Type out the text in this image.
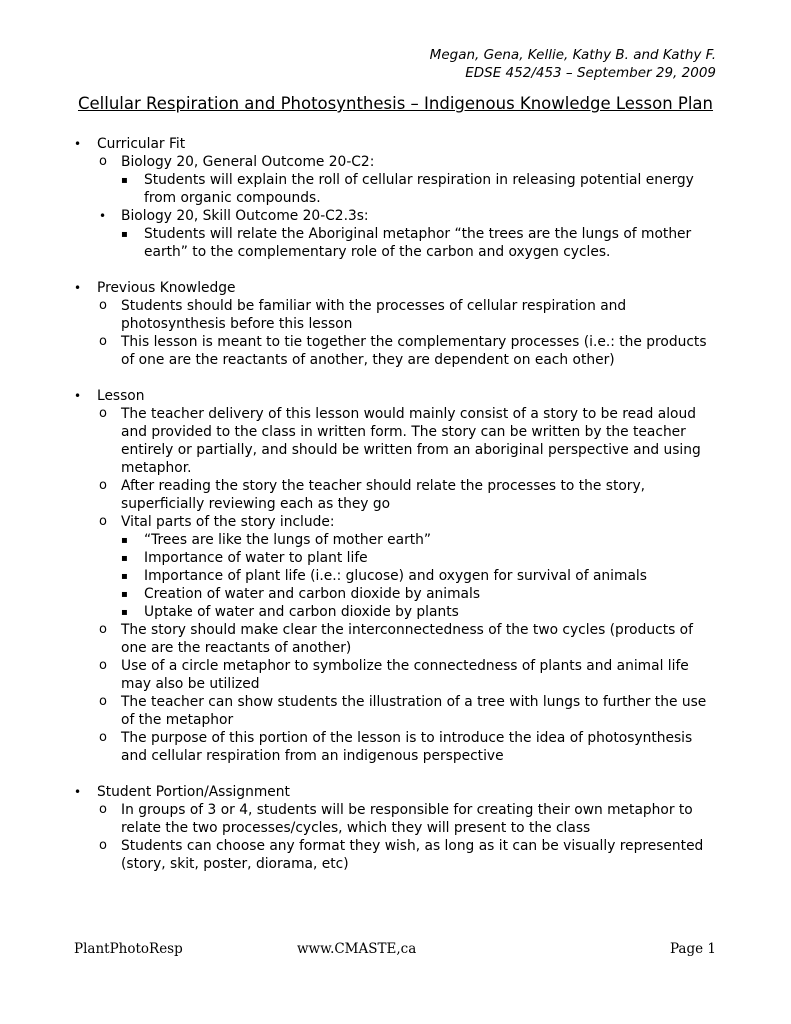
Megan, Gena, Kellie, Kathy B. and Kathy F.
EDSE 452/453 – September 29, 2009
Cellular Respiration and Photosynthesis – Indigenous Knowledge Lesson Plan
• Curricular Fit
o Biology 20, General Outcome 20-C2:
▪ Students will explain the roll of cellular respiration in releasing potential energy
from organic compounds.
• Biology 20, Skill Outcome 20-C2.3s:
▪ Students will relate the Aboriginal metaphor “the trees are the lungs of mother
earth” to the complementary role of the carbon and oxygen cycles.
• Previous Knowledge
o Students should be familiar with the processes of cellular respiration and
photosynthesis before this lesson
o This lesson is meant to tie together the complementary processes (i.e.: the products
of one are the reactants of another, they are dependent on each other)
• Lesson
o The teacher delivery of this lesson would mainly consist of a story to be read aloud
and provided to the class in written form. The story can be written by the teacher
entirely or partially, and should be written from an aboriginal perspective and using
metaphor.
o After reading the story the teacher should relate the processes to the story,
superficially reviewing each as they go
o Vital parts of the story include:
▪ “Trees are like the lungs of mother earth”
▪ Importance of water to plant life
▪ Importance of plant life (i.e.: glucose) and oxygen for survival of animals
▪ Creation of water and carbon dioxide by animals
▪ Uptake of water and carbon dioxide by plants
o The story should make clear the interconnectedness of the two cycles (products of
one are the reactants of another)
o Use of a circle metaphor to symbolize the connectedness of plants and animal life
may also be utilized
o The teacher can show students the illustration of a tree with lungs to further the use
of the metaphor
o The purpose of this portion of the lesson is to introduce the idea of photosynthesis
and cellular respiration from an indigenous perspective
• Student Portion/Assignment
o In groups of 3 or 4, students will be responsible for creating their own metaphor to
relate the two processes/cycles, which they will present to the class
o Students can choose any format they wish, as long as it can be visually represented
(story, skit, poster, diorama, etc)
PlantPhotoResp	www.CMASTE,ca	Page 1
